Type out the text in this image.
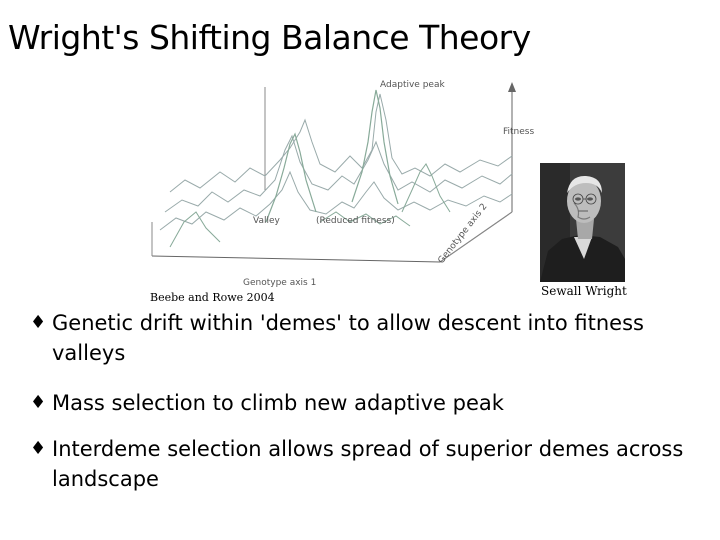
Wright's Shifting Balance Theory
Adaptive peak
Fitness
Valley	(Reduced fitness)
Genotype axis 1
Genotype axis 2
Beebe and Rowe 2004	Sewall Wright
♦ Genetic drift within 'demes' to allow descent into fitness valleys
♦ Mass selection to climb new adaptive peak
♦ Interdeme selection allows spread of superior demes across landscape
